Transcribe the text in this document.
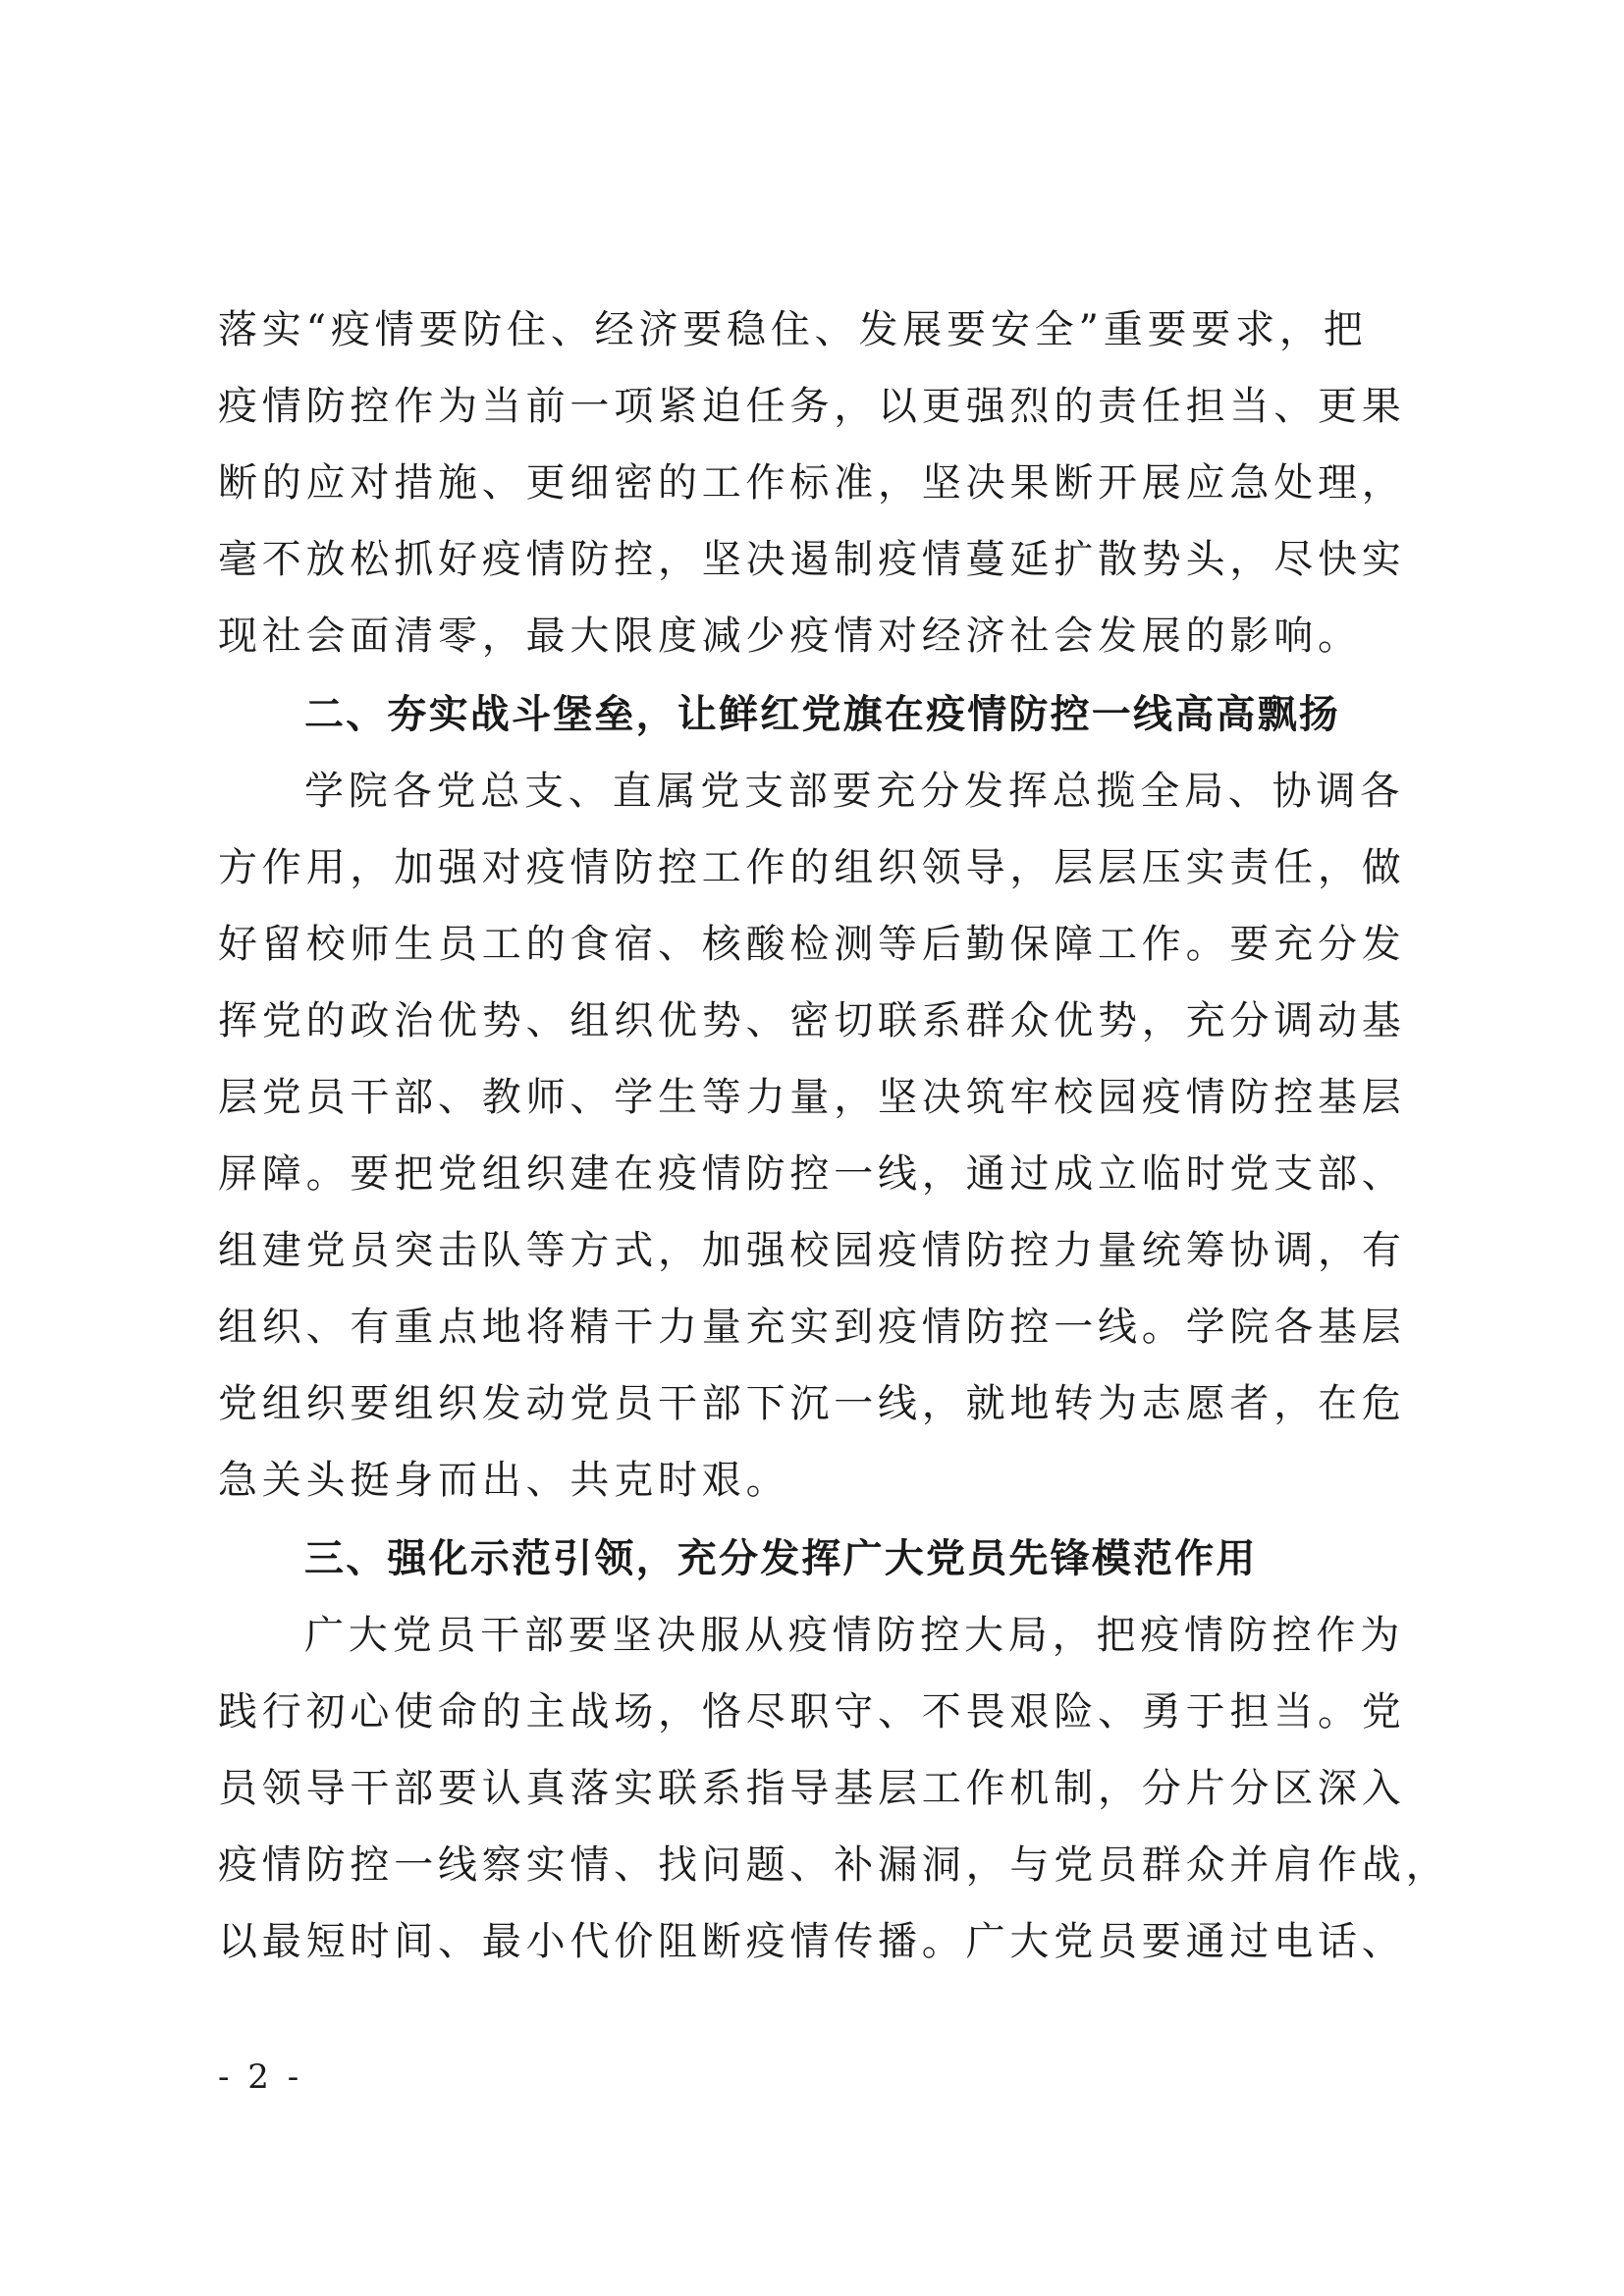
落实“疫情要防住、经济要稳住、发展要安全”重要要求，把
疫情防控作为当前一项紧迫任务，以更强烈的责任担当、更果
断的应对措施、更细密的工作标准，坚决果断开展应急处理，
毫不放松抓好疫情防控，坚决遏制疫情蔓延扩散势头，尽快实
现社会面清零，最大限度减少疫情对经济社会发展的影响。
二、夯实战斗堡垒，让鲜红党旗在疫情防控一线高高飘扬
学院各党总支、直属党支部要充分发挥总揽全局、协调各
方作用，加强对疫情防控工作的组织领导，层层压实责任，做
好留校师生员工的食宿、核酸检测等后勤保障工作。要充分发
挥党的政治优势、组织优势、密切联系群众优势，充分调动基
层党员干部、教师、学生等力量，坚决筑牢校园疫情防控基层
屏障。要把党组织建在疫情防控一线，通过成立临时党支部、
组建党员突击队等方式，加强校园疫情防控力量统筹协调，有
组织、有重点地将精干力量充实到疫情防控一线。学院各基层
党组织要组织发动党员干部下沉一线，就地转为志愿者，在危
急关头挺身而出、共克时艰。
三、强化示范引领，充分发挥广大党员先锋模范作用
广大党员干部要坚决服从疫情防控大局，把疫情防控作为
践行初心使命的主战场，恪尽职守、不畏艰险、勇于担当。党
员领导干部要认真落实联系指导基层工作机制，分片分区深入
疫情防控一线察实情、找问题、补漏洞，与党员群众并肩作战，
以最短时间、最小代价阻断疫情传播。广大党员要通过电话、
- 2 -
